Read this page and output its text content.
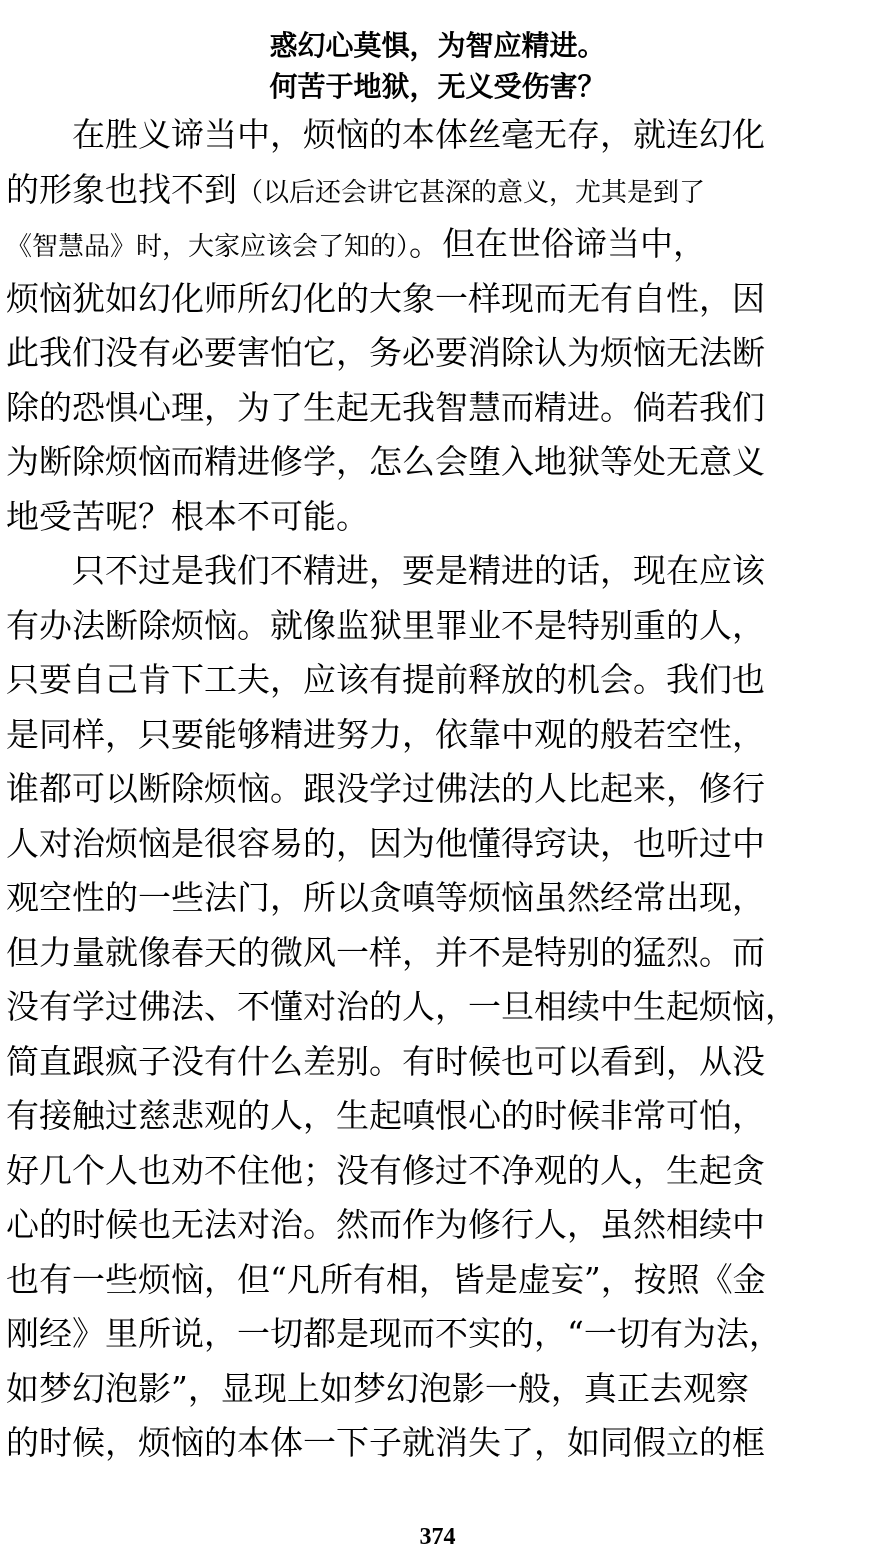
惑幻心莫惧，为智应精进。
何苦于地狱，无义受伤害？
　　在胜义谛当中，烦恼的本体丝毫无存，就连幻化
的形象也找不到（以后还会讲它甚深的意义，尤其是到了
《智慧品》时，大家应该会了知的）。但在世俗谛当中，
烦恼犹如幻化师所幻化的大象一样现而无有自性，因
此我们没有必要害怕它，务必要消除认为烦恼无法断
除的恐惧心理，为了生起无我智慧而精进。倘若我们
为断除烦恼而精进修学，怎么会堕入地狱等处无意义
地受苦呢？根本不可能。
　　只不过是我们不精进，要是精进的话，现在应该
有办法断除烦恼。就像监狱里罪业不是特别重的人，
只要自己肯下工夫，应该有提前释放的机会。我们也
是同样，只要能够精进努力，依靠中观的般若空性，
谁都可以断除烦恼。跟没学过佛法的人比起来，修行
人对治烦恼是很容易的，因为他懂得窍诀，也听过中
观空性的一些法门，所以贪嗔等烦恼虽然经常出现，
但力量就像春天的微风一样，并不是特别的猛烈。而
没有学过佛法、不懂对治的人，一旦相续中生起烦恼，
简直跟疯子没有什么差别。有时候也可以看到，从没
有接触过慈悲观的人，生起嗔恨心的时候非常可怕，
好几个人也劝不住他；没有修过不净观的人，生起贪
心的时候也无法对治。然而作为修行人，虽然相续中
也有一些烦恼，但“凡所有相，皆是虚妄”，按照《金
刚经》里所说，一切都是现而不实的，“一切有为法，
如梦幻泡影”，显现上如梦幻泡影一般，真正去观察
的时候，烦恼的本体一下子就消失了，如同假立的框
374
